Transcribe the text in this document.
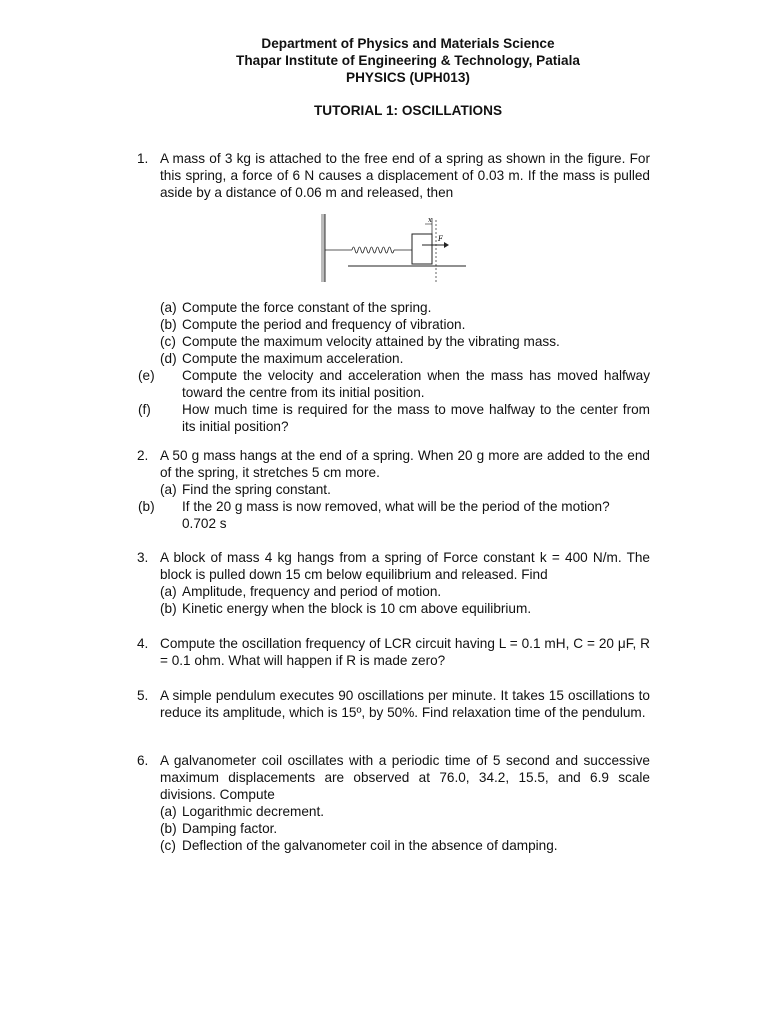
Department of Physics and Materials Science
Thapar Institute of Engineering & Technology, Patiala
PHYSICS (UPH013)
TUTORIAL 1: OSCILLATIONS
1. A mass of 3 kg is attached to the free end of a spring as shown in the figure. For this spring, a force of 6 N causes a displacement of 0.03 m. If the mass is pulled aside by a distance of 0.06 m and released, then

x
F
(a) Compute the force constant of the spring.
(b) Compute the period and frequency of vibration.
(c) Compute the maximum velocity attained by the vibrating mass.
(d) Compute the maximum acceleration.
(e) Compute the velocity and acceleration when the mass has moved halfway toward the centre from its initial position.
(f) How much time is required for the mass to move halfway to the center from its initial position?
2. A 50 g mass hangs at the end of a spring. When 20 g more are added to the end of the spring, it stretches 5 cm more.

(a) Find the spring constant.
(b) If the 20 g mass is now removed, what will be the period of the motion?
0.702 s
3. A block of mass 4 kg hangs from a spring of Force constant k = 400 N/m. The block is pulled down 15 cm below equilibrium and released. Find

(a) Amplitude, frequency and period of motion.
(b) Kinetic energy when the block is 10 cm above equilibrium.
4. Compute the oscillation frequency of LCR circuit having L = 0.1 mH, C = 20 μF, R = 0.1 ohm. What will happen if R is made zero?

5. A simple pendulum executes 90 oscillations per minute. It takes 15 oscillations to reduce its amplitude, which is 15º, by 50%. Find relaxation time of the pendulum.

6. A galvanometer coil oscillates with a periodic time of 5 second and successive maximum displacements are observed at 76.0, 34.2, 15.5, and 6.9 scale divisions. Compute

(a) Logarithmic decrement.
(b) Damping factor.
(c) Deflection of the galvanometer coil in the absence of damping.
